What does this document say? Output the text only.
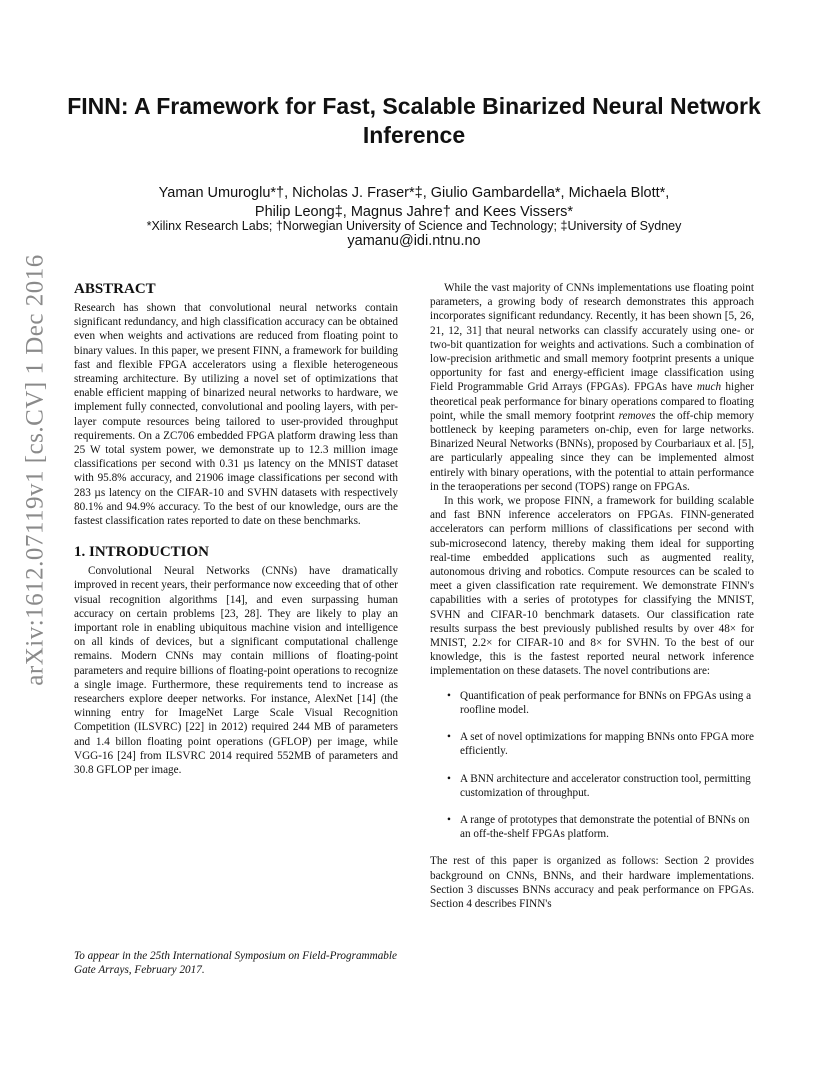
arXiv:1612.07119v1 [cs.CV] 1 Dec 2016
FINN: A Framework for Fast, Scalable Binarized Neural Network Inference
Yaman Umuroglu*†, Nicholas J. Fraser*‡, Giulio Gambardella*, Michaela Blott*,
Philip Leong‡, Magnus Jahre† and Kees Vissers*
*Xilinx Research Labs; †Norwegian University of Science and Technology; ‡University of Sydney
yamanu@idi.ntnu.no
ABSTRACT

Research has shown that convolutional neural networks contain significant redundancy, and high classification accuracy can be obtained even when weights and activations are reduced from floating point to binary values. In this paper, we present FINN, a framework for building fast and flexible FPGA accelerators using a flexible heterogeneous streaming architecture. By utilizing a novel set of optimizations that enable efficient mapping of binarized neural networks to hardware, we implement fully connected, convolutional and pooling layers, with per-layer compute resources being tailored to user-provided throughput requirements. On a ZC706 embedded FPGA platform drawing less than 25 W total system power, we demonstrate up to 12.3 million image classifications per second with 0.31 µs latency on the MNIST dataset with 95.8% accuracy, and 21906 image classifications per second with 283 µs latency on the CIFAR-10 and SVHN datasets with respectively 80.1% and 94.9% accuracy. To the best of our knowledge, ours are the fastest classification rates reported to date on these benchmarks.

1. INTRODUCTION

Convolutional Neural Networks (CNNs) have dramatically improved in recent years, their performance now exceeding that of other visual recognition algorithms [14], and even surpassing human accuracy on certain problems [23, 28]. They are likely to play an important role in enabling ubiquitous machine vision and intelligence on all kinds of devices, but a significant computational challenge remains. Modern CNNs may contain millions of floating-point parameters and require billions of floating-point operations to recognize a single image. Furthermore, these requirements tend to increase as researchers explore deeper networks. For instance, AlexNet [14] (the winning entry for ImageNet Large Scale Visual Recognition Competition (ILSVRC) [22] in 2012) required 244 MB of parameters and 1.4 billon floating point operations (GFLOP) per image, while VGG-16 [24] from ILSVRC 2014 required 552MB of parameters and 30.8 GFLOP per image.

To appear in the 25th International Symposium on Field-Programmable Gate Arrays, February 2017.

While the vast majority of CNNs implementations use floating point parameters, a growing body of research demonstrates this approach incorporates significant redundancy. Recently, it has been shown [5, 26, 21, 12, 31] that neural networks can classify accurately using one- or two-bit quantization for weights and activations. Such a combination of low-precision arithmetic and small memory footprint presents a unique opportunity for fast and energy-efficient image classification using Field Programmable Grid Arrays (FPGAs). FPGAs have much higher theoretical peak performance for binary operations compared to floating point, while the small memory footprint removes the off-chip memory bottleneck by keeping parameters on-chip, even for large networks. Binarized Neural Networks (BNNs), proposed by Courbariaux et al. [5], are particularly appealing since they can be implemented almost entirely with binary operations, with the potential to attain performance in the teraoperations per second (TOPS) range on FPGAs.

In this work, we propose FINN, a framework for building scalable and fast BNN inference accelerators on FPGAs. FINN-generated accelerators can perform millions of classifications per second with sub-microsecond latency, thereby making them ideal for supporting real-time embedded applications such as augmented reality, autonomous driving and robotics. Compute resources can be scaled to meet a given classification rate requirement. We demonstrate FINN's capabilities with a series of prototypes for classifying the MNIST, SVHN and CIFAR-10 benchmark datasets. Our classification rate results surpass the best previously published results by over 48× for MNIST, 2.2× for CIFAR-10 and 8× for SVHN. To the best of our knowledge, this is the fastest reported neural network inference implementation on these datasets. The novel contributions are:

• Quantification of peak performance for BNNs on FPGAs using a roofline model.
• A set of novel optimizations for mapping BNNs onto FPGA more efficiently.
• A BNN architecture and accelerator construction tool, permitting customization of throughput.
• A range of prototypes that demonstrate the potential of BNNs on an off-the-shelf FPGAs platform.

The rest of this paper is organized as follows: Section 2 provides background on CNNs, BNNs, and their hardware implementations. Section 3 discusses BNNs accuracy and peak performance on FPGAs. Section 4 describes FINN's
